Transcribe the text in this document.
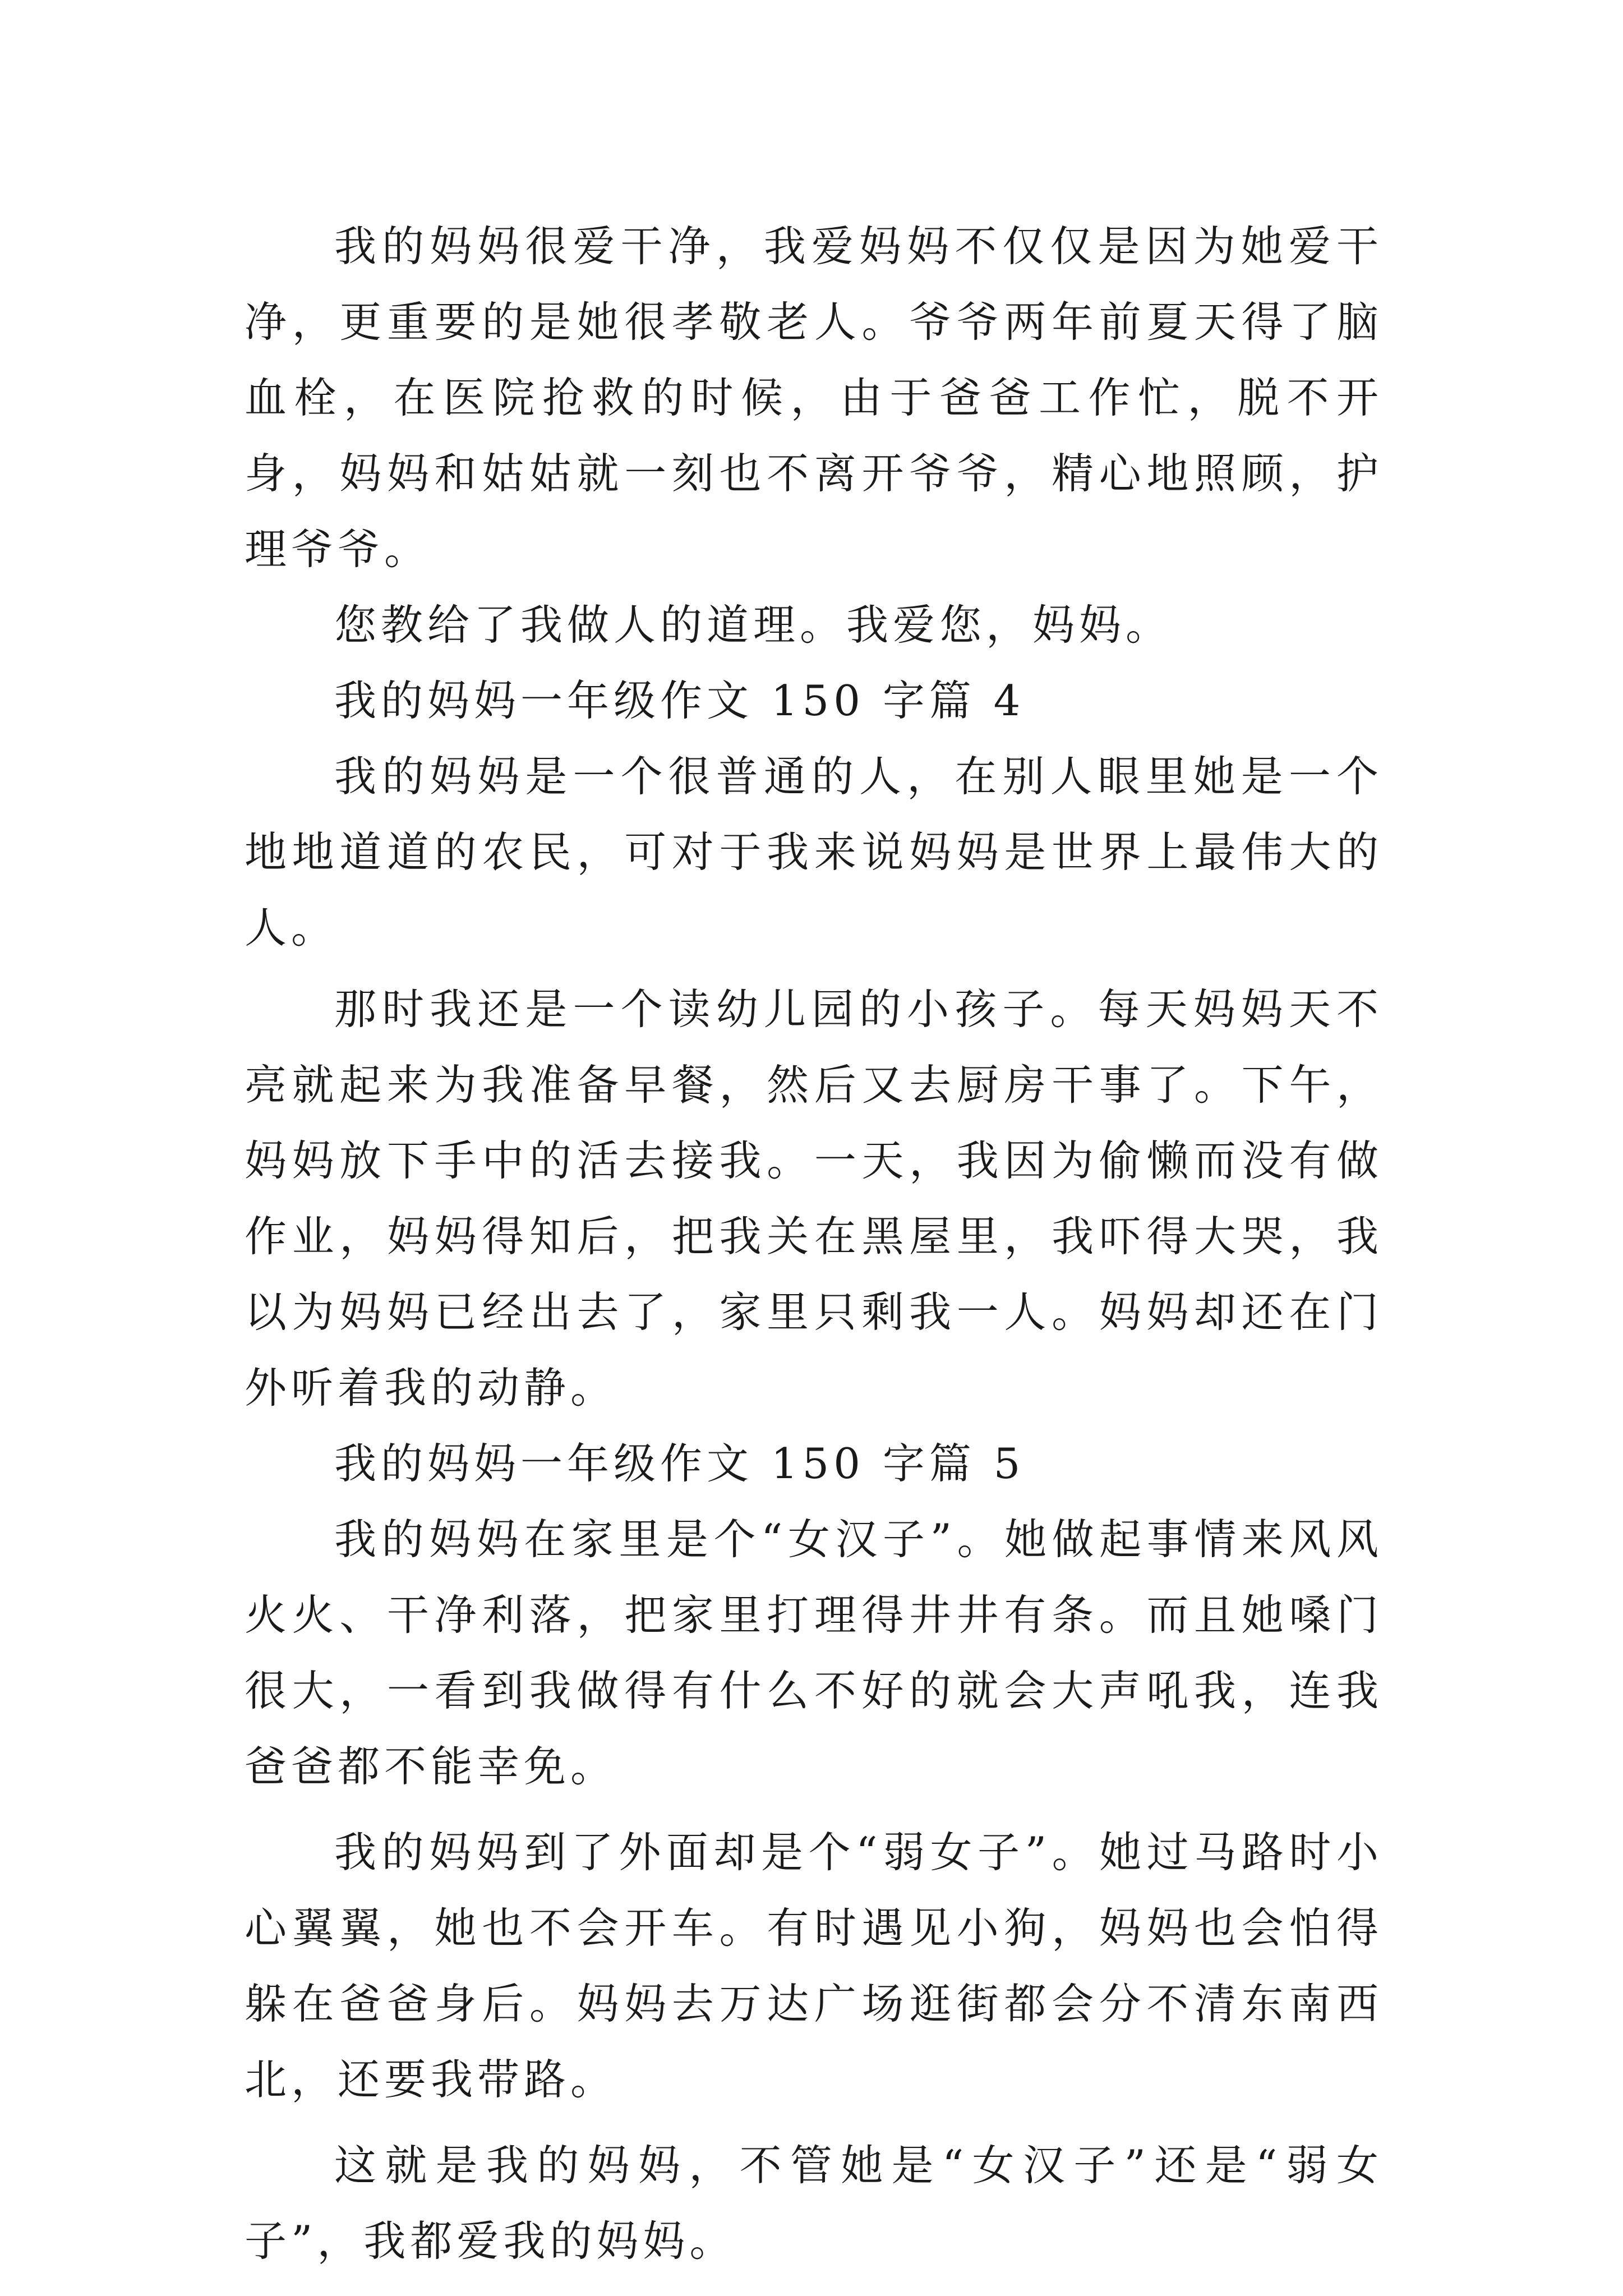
我的妈妈很爱干净，我爱妈妈不仅仅是因为她爱干净，更重要的是她很孝敬老人。爷爷两年前夏天得了脑血栓，在医院抢救的时候，由于爸爸工作忙，脱不开身，妈妈和姑姑就一刻也不离开爷爷，精心地照顾，护理爷爷。

您教给了我做人的道理。我爱您，妈妈。

我的妈妈一年级作文 150 字篇 4

我的妈妈是一个很普通的人，在别人眼里她是一个地地道道的农民，可对于我来说妈妈是世界上最伟大的人。

那时我还是一个读幼儿园的小孩子。每天妈妈天不亮就起来为我准备早餐，然后又去厨房干事了。下午，妈妈放下手中的活去接我。一天，我因为偷懒而没有做作业，妈妈得知后，把我关在黑屋里，我吓得大哭，我以为妈妈已经出去了，家里只剩我一人。妈妈却还在门外听着我的动静。

我的妈妈一年级作文 150 字篇 5

我的妈妈在家里是个“女汉子”。她做起事情来风风火火、干净利落，把家里打理得井井有条。而且她嗓门很大，一看到我做得有什么不好的就会大声吼我，连我爸爸都不能幸免。

我的妈妈到了外面却是个“弱女子”。她过马路时小心翼翼，她也不会开车。有时遇见小狗，妈妈也会怕得躲在爸爸身后。妈妈去万达广场逛街都会分不清东南西北，还要我带路。

这就是我的妈妈，不管她是“女汉子”还是“弱女子”，我都爱我的妈妈。
